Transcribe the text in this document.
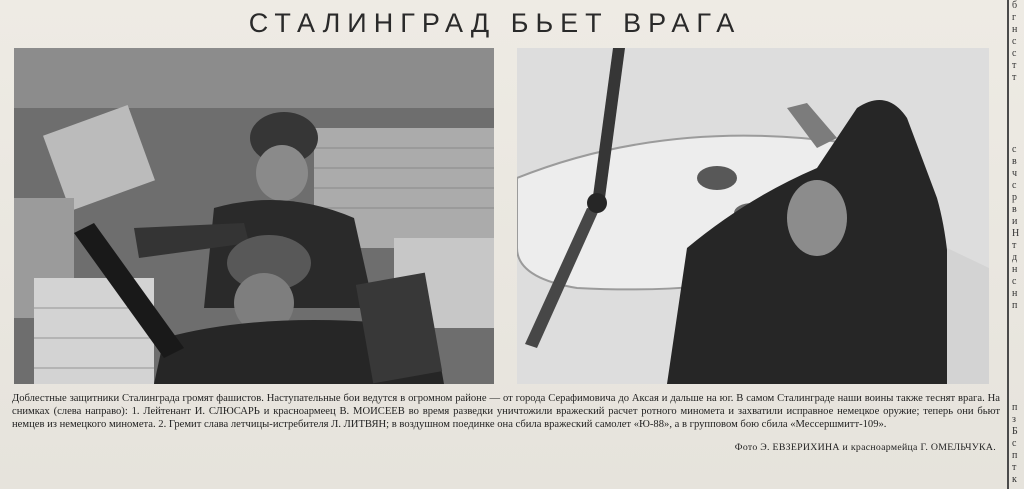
СТАЛИНГРАД БЬЕТ ВРАГА
Доблестные защитники Сталинграда громят фашистов. Наступательные бои ведутся в огромном районе — от города Серафимовича до Аксая и дальше на юг. В самом Сталинграде наши воины также теснят врага. На снимках (слева направо): 1. Лейтенант И. СЛЮСАРЬ и красноармеец В. МОИСЕЕВ во время разведки уничтожили вражеский расчет ротного миномета и захватили исправное немецкое оружие; теперь они бьют немцев из немецкого миномета. 2. Гремит слава летчицы-истребителя Л. ЛИТВЯН; в воздушном поединке она сбила вражеский самолет «Ю-88», а в групповом бою сбила «Мессершмитт-109».
Фото Э. ЕВЗЕРИХИНА и красноармейца Г. ОМЕЛЬЧУКА.
б
г
н
с
с
т
т
с
в
ч
с
р
в
и
Н
т
д
н
с
н
п
п
з
Б
с
п
т
к
